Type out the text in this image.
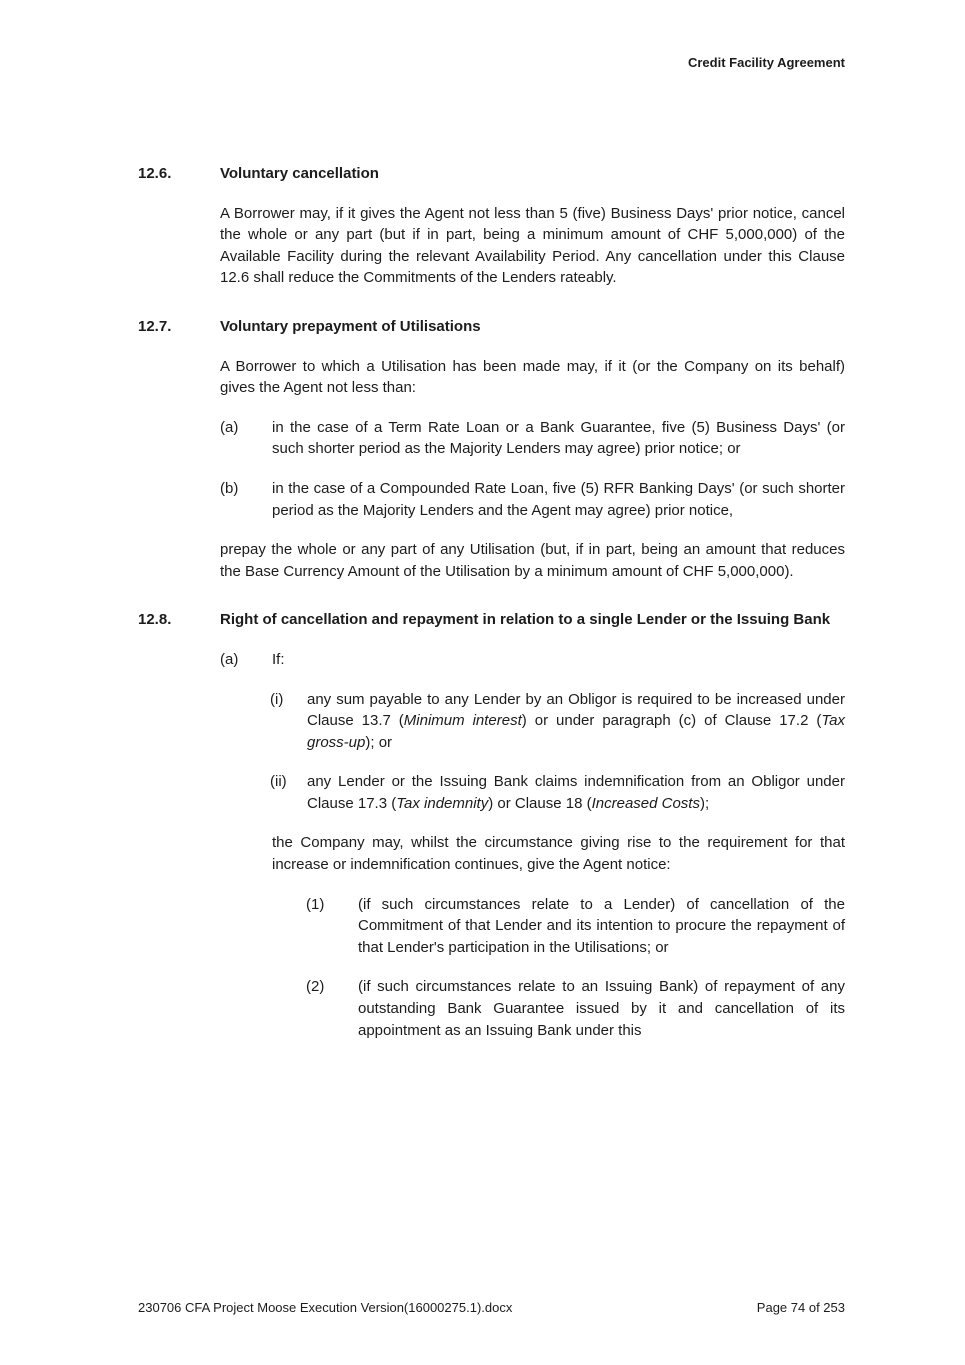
Credit Facility Agreement
12.6.	Voluntary cancellation

A Borrower may, if it gives the Agent not less than 5 (five) Business Days' prior notice, cancel the whole or any part (but if in part, being a minimum amount of CHF 5,000,000) of the Available Facility during the relevant Availability Period. Any cancellation under this Clause 12.6 shall reduce the Commitments of the Lenders rateably.

12.7.	Voluntary prepayment of Utilisations

A Borrower to which a Utilisation has been made may, if it (or the Company on its behalf) gives the Agent not less than:

(a)	in the case of a Term Rate Loan or a Bank Guarantee, five (5) Business Days' (or such shorter period as the Majority Lenders may agree) prior notice; or
(b)	in the case of a Compounded Rate Loan, five (5) RFR Banking Days' (or such shorter period as the Majority Lenders and the Agent may agree) prior notice,

prepay the whole or any part of any Utilisation (but, if in part, being an amount that reduces the Base Currency Amount of the Utilisation by a minimum amount of CHF 5,000,000).

12.8.	Right of cancellation and repayment in relation to a single Lender or the Issuing Bank
(a)	If:
(i)	any sum payable to any Lender by an Obligor is required to be increased under Clause 13.7 (Minimum interest) or under paragraph (c) of Clause 17.2 (Tax gross-up); or
(ii)	any Lender or the Issuing Bank claims indemnification from an Obligor under Clause 17.3 (Tax indemnity) or Clause 18 (Increased Costs);
the Company may, whilst the circumstance giving rise to the requirement for that increase or indemnification continues, give the Agent notice:
(1)	(if such circumstances relate to a Lender) of cancellation of the Commitment of that Lender and its intention to procure the repayment of that Lender's participation in the Utilisations; or
(2)	(if such circumstances relate to an Issuing Bank) of repayment of any outstanding Bank Guarantee issued by it and cancellation of its appointment as an Issuing Bank under this
230706 CFA Project Moose Execution Version(16000275.1).docx	Page 74 of 253
